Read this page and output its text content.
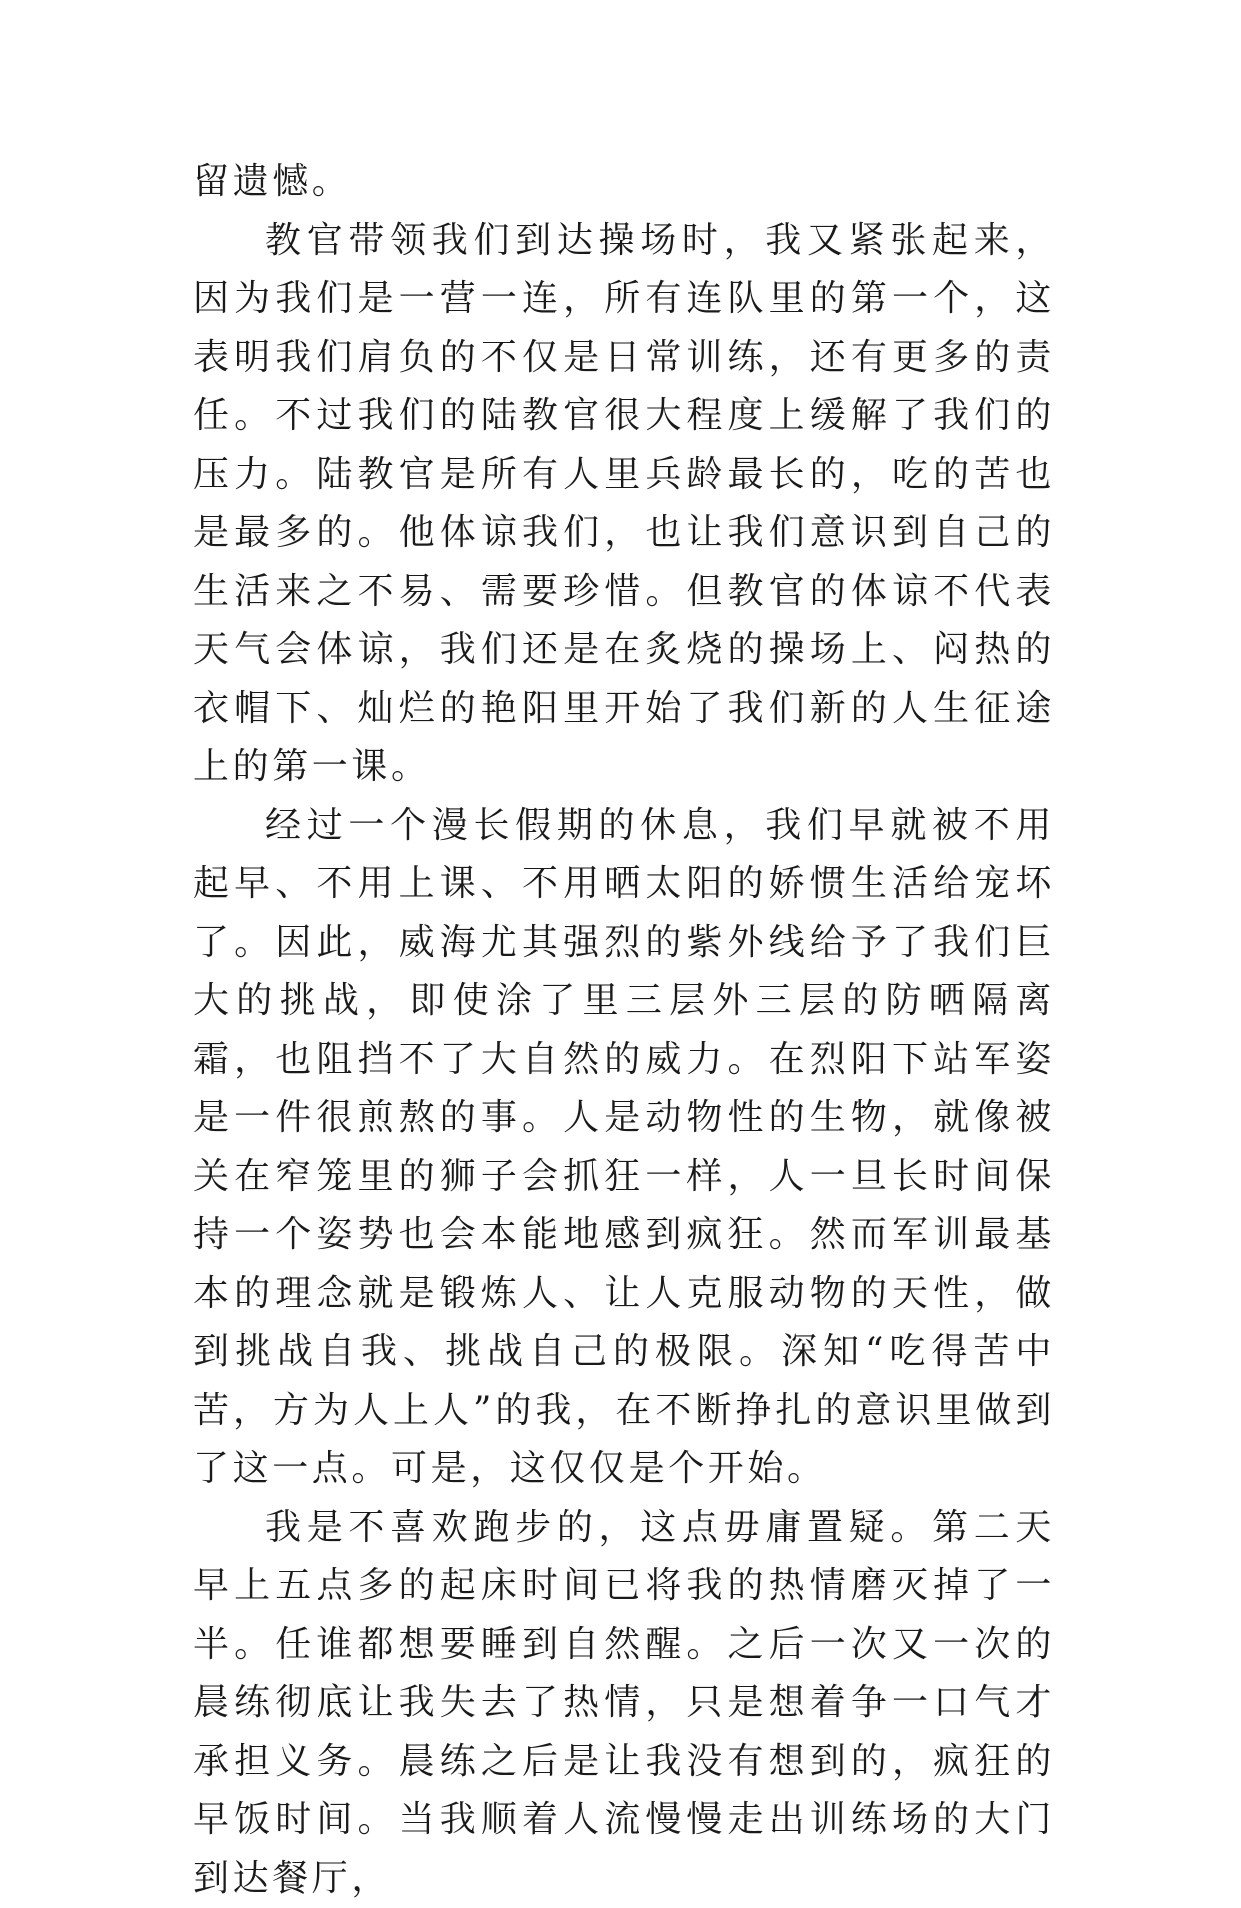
留遗憾。

教官带领我们到达操场时，我又紧张起来，因为我们是一营一连，所有连队里的第一个，这表明我们肩负的不仅是日常训练，还有更多的责任。不过我们的陆教官很大程度上缓解了我们的压力。陆教官是所有人里兵龄最长的，吃的苦也是最多的。他体谅我们，也让我们意识到自己的生活来之不易、需要珍惜。但教官的体谅不代表天气会体谅，我们还是在炙烧的操场上、闷热的衣帽下、灿烂的艳阳里开始了我们新的人生征途上的第一课。

经过一个漫长假期的休息，我们早就被不用起早、不用上课、不用晒太阳的娇惯生活给宠坏了。因此，威海尤其强烈的紫外线给予了我们巨大的挑战，即使涂了里三层外三层的防晒隔离霜，也阻挡不了大自然的威力。在烈阳下站军姿是一件很煎熬的事。人是动物性的生物，就像被关在窄笼里的狮子会抓狂一样，人一旦长时间保持一个姿势也会本能地感到疯狂。然而军训最基本的理念就是锻炼人、让人克服动物的天性，做到挑战自我、挑战自己的极限。深知“吃得苦中苦，方为人上人”的我，在不断挣扎的意识里做到了这一点。可是，这仅仅是个开始。

我是不喜欢跑步的，这点毋庸置疑。第二天早上五点多的起床时间已将我的热情磨灭掉了一半。任谁都想要睡到自然醒。之后一次又一次的晨练彻底让我失去了热情，只是想着争一口气才承担义务。晨练之后是让我没有想到的，疯狂的早饭时间。当我顺着人流慢慢走出训练场的大门到达餐厅，
